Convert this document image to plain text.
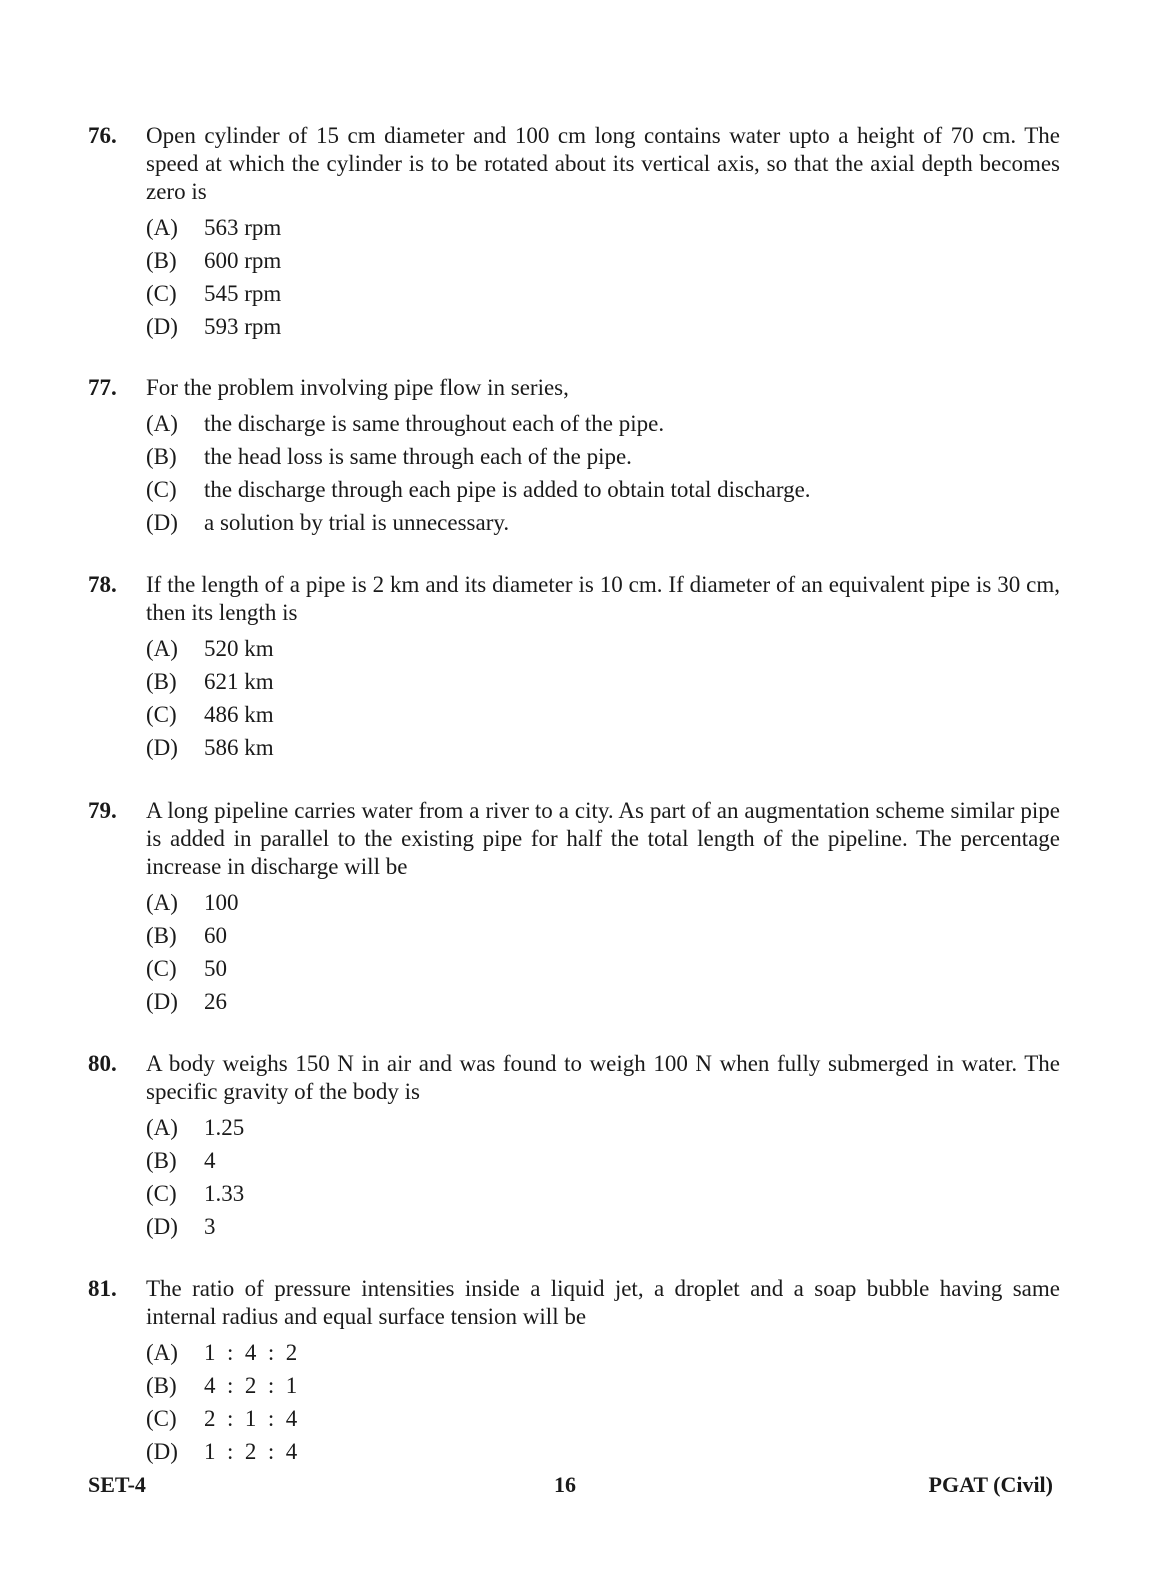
76. Open cylinder of 15 cm diameter and 100 cm long contains water upto a height of 70 cm. The speed at which the cylinder is to be rotated about its vertical axis, so that the axial depth becomes zero is
(A)	563 rpm
(B)	600 rpm
(C)	545 rpm
(D)	593 rpm
77. For the problem involving pipe flow in series,
(A)	the discharge is same throughout each of the pipe.
(B)	the head loss is same through each of the pipe.
(C)	the discharge through each pipe is added to obtain total discharge.
(D)	a solution by trial is unnecessary.
78. If the length of a pipe is 2 km and its diameter is 10 cm. If diameter of an equivalent pipe is 30 cm, then its length is
(A)	520 km
(B)	621 km
(C)	486 km
(D)	586 km
79. A long pipeline carries water from a river to a city. As part of an augmentation scheme similar pipe is added in parallel to the existing pipe for half the total length of the pipeline. The percentage increase in discharge will be
(A)	100
(B)	60
(C)	50
(D)	26
80. A body weighs 150 N in air and was found to weigh 100 N when fully submerged in water. The specific gravity of the body is
(A)	1.25
(B)	4
(C)	1.33
(D)	3
81. The ratio of pressure intensities inside a liquid jet, a droplet and a soap bubble having same internal radius and equal surface tension will be
(A)	1  :  4  :  2
(B)	4  :  2  :  1
(C)	2  :  1  :  4
(D)	1  :  2  :  4
SET-4	16	PGAT (Civil)
